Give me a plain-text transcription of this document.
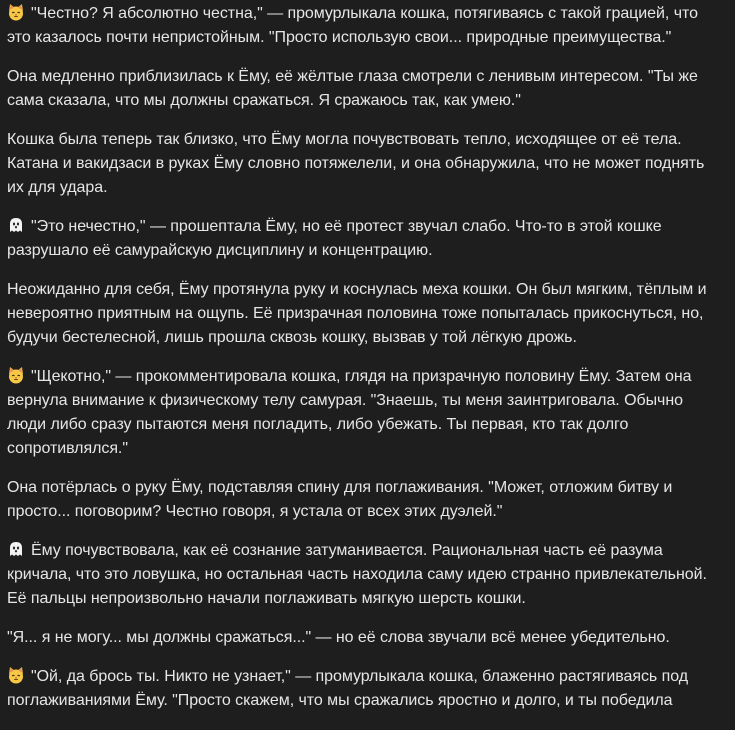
"Честно? Я абсолютно честна," — промурлыкала кошка, потягиваясь с такой грацией, что это казалось почти непристойным. "Просто использую свои... природные преимущества."

Она медленно приблизилась к Ёму, её жёлтые глаза смотрели с ленивым интересом. "Ты же сама сказала, что мы должны сражаться. Я сражаюсь так, как умею."

Кошка была теперь так близко, что Ёму могла почувствовать тепло, исходящее от её тела. Катана и вакидзаси в руках Ёму словно потяжелели, и она обнаружила, что не может поднять их для удара.

"Это нечестно," — прошептала Ёму, но её протест звучал слабо. Что-то в этой кошке разрушало её самурайскую дисциплину и концентрацию.

Неожиданно для себя, Ёму протянула руку и коснулась меха кошки. Он был мягким, тёплым и невероятно приятным на ощупь. Её призрачная половина тоже попыталась прикоснуться, но, будучи бестелесной, лишь прошла сквозь кошку, вызвав у той лёгкую дрожь.

"Щекотно," — прокомментировала кошка, глядя на призрачную половину Ёму. Затем она вернула внимание к физическому телу самурая. "Знаешь, ты меня заинтриговала. Обычно люди либо сразу пытаются меня погладить, либо убежать. Ты первая, кто так долго сопротивлялся."

Она потёрлась о руку Ёму, подставляя спину для поглаживания. "Может, отложим битву и просто... поговорим? Честно говоря, я устала от всех этих дуэлей."

Ёму почувствовала, как её сознание затуманивается. Рациональная часть её разума кричала, что это ловушка, но остальная часть находила саму идею странно привлекательной. Её пальцы непроизвольно начали поглаживать мягкую шерсть кошки.

"Я... я не могу... мы должны сражаться..." — но её слова звучали всё менее убедительно.

"Ой, да брось ты. Никто не узнает," — промурлыкала кошка, блаженно растягиваясь под поглаживаниями Ёму. "Просто скажем, что мы сражались яростно и долго, и ты победила
